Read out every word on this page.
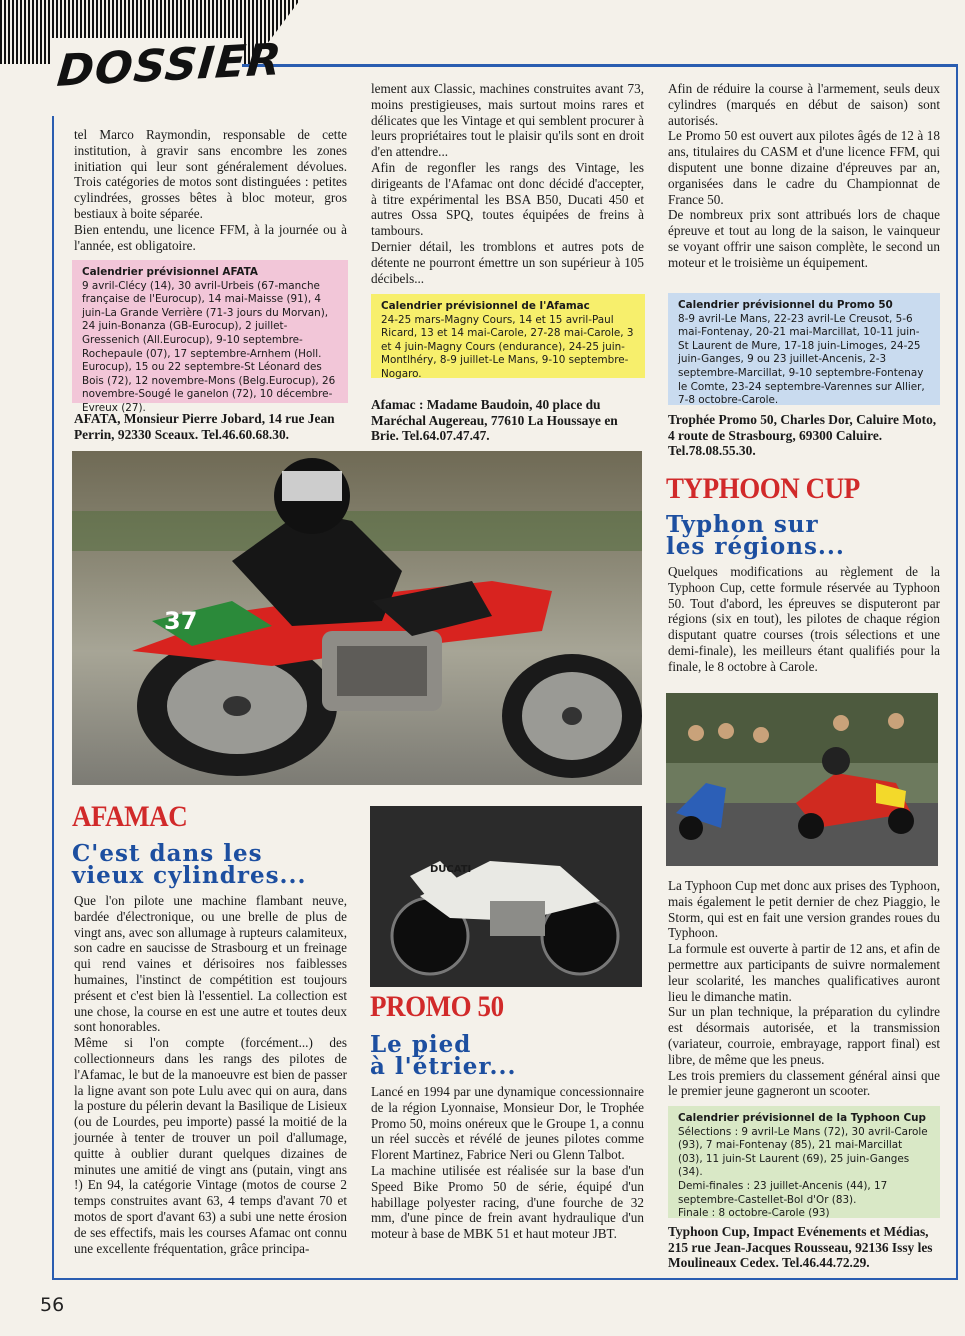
DOSSIER

tel Marco Raymondin, responsable de cette institution, à gravir sans encombre les zones initiation qui leur sont généralement dévolues. Trois catégories de motos sont distinguées : petites cylindrées, grosses bêtes à bloc moteur, gros bestiaux à boite séparée.

Bien entendu, une licence FFM, à la journée ou à l'année, est obligatoire.

Calendrier prévisionnel AFATA
9 avril-Clécy (14), 30 avril-Urbeis (67-manche française de l'Eurocup), 14 mai-Maisse (91), 4 juin-La Grande Verrière (71-3 jours du Morvan), 24 juin-Bonanza (GB-Eurocup), 2 juillet-Gressenich (All.Eurocup), 9-10 septembre-Rochepaule (07), 17 septembre-Arnhem (Holl. Eurocup), 15 ou 22 septembre-St Léonard des Bois (72), 12 novembre-Mons (Belg.Eurocup), 26 novembre-Sougé le ganelon (72), 10 décembre-Evreux (27).
AFATA, Monsieur Pierre Jobard, 14 rue Jean Perrin, 92330 Sceaux. Tel.46.60.68.30.

lement aux Classic, machines construites avant 73, moins prestigieuses, mais surtout moins rares et délicates que les Vintage et qui semblent procurer à leurs propriétaires tout le plaisir qu'ils sont en droit d'en attendre...

Afin de regonfler les rangs des Vintage, les dirigeants de l'Afamac ont donc décidé d'accepter, à titre expérimental les BSA B50, Ducati 450 et autres Ossa SPQ, toutes équipées de freins à tambours.

Dernier détail, les tromblons et autres pots de détente ne pourront émettre un son supérieur à 105 décibels...

Calendrier prévisionnel de l'Afamac
24-25 mars-Magny Cours, 14 et 15 avril-Paul Ricard, 13 et 14 mai-Carole, 27-28 mai-Carole, 3 et 4 juin-Magny Cours (endurance), 24-25 juin-Montlhéry, 8-9 juillet-Le Mans, 9-10 septembre-Nogaro.
Afamac : Madame Baudoin, 40 place du Maréchal Augereau, 77610 La Houssaye en Brie. Tel.64.07.47.47.

Afin de réduire la course à l'armement, seuls deux cylindres (marqués en début de saison) sont autorisés.

Le Promo 50 est ouvert aux pilotes âgés de 12 à 18 ans, titulaires du CASM et d'une licence FFM, qui disputent une bonne dizaine d'épreuves par an, organisées dans le cadre du Championnat de France 50.

De nombreux prix sont attribués lors de chaque épreuve et tout au long de la saison, le vainqueur se voyant offrir une saison complète, le second un moteur et le troisième un équipement.

Calendrier prévisionnel du Promo 50
8-9 avril-Le Mans, 22-23 avril-Le Creusot, 5-6 mai-Fontenay, 20-21 mai-Marcillat, 10-11 juin-St Laurent de Mure, 17-18 juin-Limoges, 24-25 juin-Ganges, 9 ou 23 juillet-Ancenis, 2-3 septembre-Marcillat, 9-10 septembre-Fontenay le Comte, 23-24 septembre-Varennes sur Allier, 7-8 octobre-Carole.
Trophée Promo 50, Charles Dor, Caluire Moto, 4 route de Strasbourg, 69300 Caluire. Tel.78.08.55.30.
37
TYPHOON CUP
Typhon sur
les régions...
Quelques modifications au règlement de la Typhoon Cup, cette formule réservée au Typhoon 50. Tout d'abord, les épreuves se disputeront par régions (six en tout), les pilotes de chaque région disputant quatre courses (trois sélections et une demi-finale), les meilleurs étant qualifiés pour la finale, le 8 octobre à Carole.

La Typhoon Cup met donc aux prises des Typhoon, mais également le petit dernier de chez Piaggio, le Storm, qui est en fait une version grandes roues du Typhoon.

La formule est ouverte à partir de 12 ans, et afin de permettre aux participants de suivre normalement leur scolarité, les manches qualificatives auront lieu le dimanche matin.

Sur un plan technique, la préparation du cylindre est désormais autorisée, et la transmission (variateur, courroie, embrayage, rapport final) est libre, de même que les pneus.

Les trois premiers du classement général ainsi que le premier jeune gagneront un scooter.

Calendrier prévisionnel de la Typhoon Cup
Sélections : 9 avril-Le Mans (72), 30 avril-Carole (93), 7 mai-Fontenay (85), 21 mai-Marcillat (03), 11 juin-St Laurent (69), 25 juin-Ganges (34).
Demi-finales : 23 juillet-Ancenis (44), 17 septembre-Castellet-Bol d'Or (83).
Finale : 8 octobre-Carole (93)
Typhoon Cup, Impact Evénements et Médias, 215 rue Jean-Jacques Rousseau, 92136 Issy les Moulineaux Cedex. Tel.46.44.72.29.
AFAMAC
C'est dans les
vieux cylindres...

Que l'on pilote une machine flambant neuve, bardée d'électronique, ou une brelle de plus de vingt ans, avec son allumage à rupteurs calamiteux, son cadre en saucisse de Strasbourg et un freinage qui rend vaines et dérisoires nos faiblesses humaines, l'instinct de compétition est toujours présent et c'est bien là l'essentiel. La collection est une chose, la course en est une autre et toutes deux sont honorables.

Même si l'on compte (forcément...) des collectionneurs dans les rangs des pilotes de l'Afamac, le but de la manoeuvre est bien de passer la ligne avant son pote Lulu avec qui on aura, dans la posture du pélerin devant la Basilique de Lisieux (ou de Lourdes, peu importe) passé la moitié de la journée à tenter de trouver un poil d'allumage, quitte à oublier durant quelques dizaines de minutes une amitié de vingt ans (putain, vingt ans !) En 94, la catégorie Vintage (motos de course 2 temps construites avant 63, 4 temps d'avant 70 et motos de sport d'avant 63) a subi une nette érosion de ses effectifs, mais les courses Afamac ont connu une excellente fréquentation, grâce principa-

DUCATI
PROMO 50
Le pied
à l'étrier...

Lancé en 1994 par une dynamique concessionnaire de la région Lyonnaise, Monsieur Dor, le Trophée Promo 50, moins onéreux que le Groupe 1, a connu un réel succès et révélé de jeunes pilotes comme Florent Martinez, Fabrice Neri ou Glenn Talbot.

La machine utilisée est réalisée sur la base d'un Speed Bike Promo 50 de série, équipé d'un habillage polyester racing, d'une fourche de 32 mm, d'une pince de frein avant hydraulique d'un moteur à base de MBK 51 et haut moteur JBT.

56
